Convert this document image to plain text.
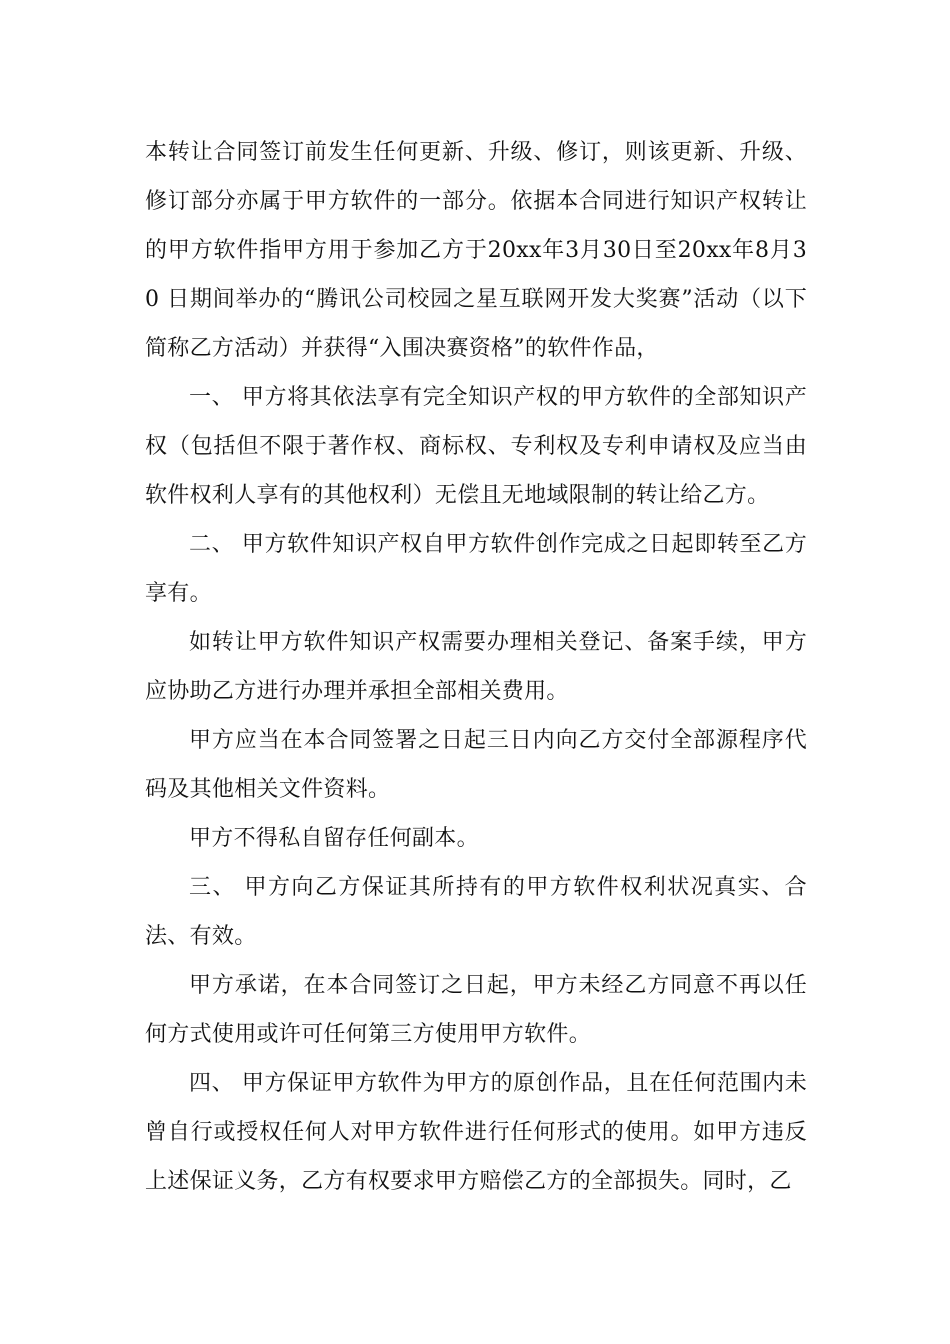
本转让合同签订前发生任何更新、升级、修订，则该更新、升级、修订部分亦属于甲方软件的一部分。依据本合同进行知识产权转让的甲方软件指甲方用于参加乙方于20xx年3月30日至20xx年8月30 日期间举办的“腾讯公司校园之星互联网开发大奖赛”活动（以下简称乙方活动）并获得“入围决赛资格”的软件作品，

一、 甲方将其依法享有完全知识产权的甲方软件的全部知识产权（包括但不限于著作权、商标权、专利权及专利申请权及应当由软件权利人享有的其他权利）无偿且无地域限制的转让给乙方。

二、 甲方软件知识产权自甲方软件创作完成之日起即转至乙方享有。

如转让甲方软件知识产权需要办理相关登记、备案手续，甲方应协助乙方进行办理并承担全部相关费用。

甲方应当在本合同签署之日起三日内向乙方交付全部源程序代码及其他相关文件资料。

甲方不得私自留存任何副本。

三、 甲方向乙方保证其所持有的甲方软件权利状况真实、合法、有效。

甲方承诺，在本合同签订之日起，甲方未经乙方同意不再以任何方式使用或许可任何第三方使用甲方软件。

四、 甲方保证甲方软件为甲方的原创作品，且在任何范围内未曾自行或授权任何人对甲方软件进行任何形式的使用。如甲方违反上述保证义务，乙方有权要求甲方赔偿乙方的全部损失。同时，乙
